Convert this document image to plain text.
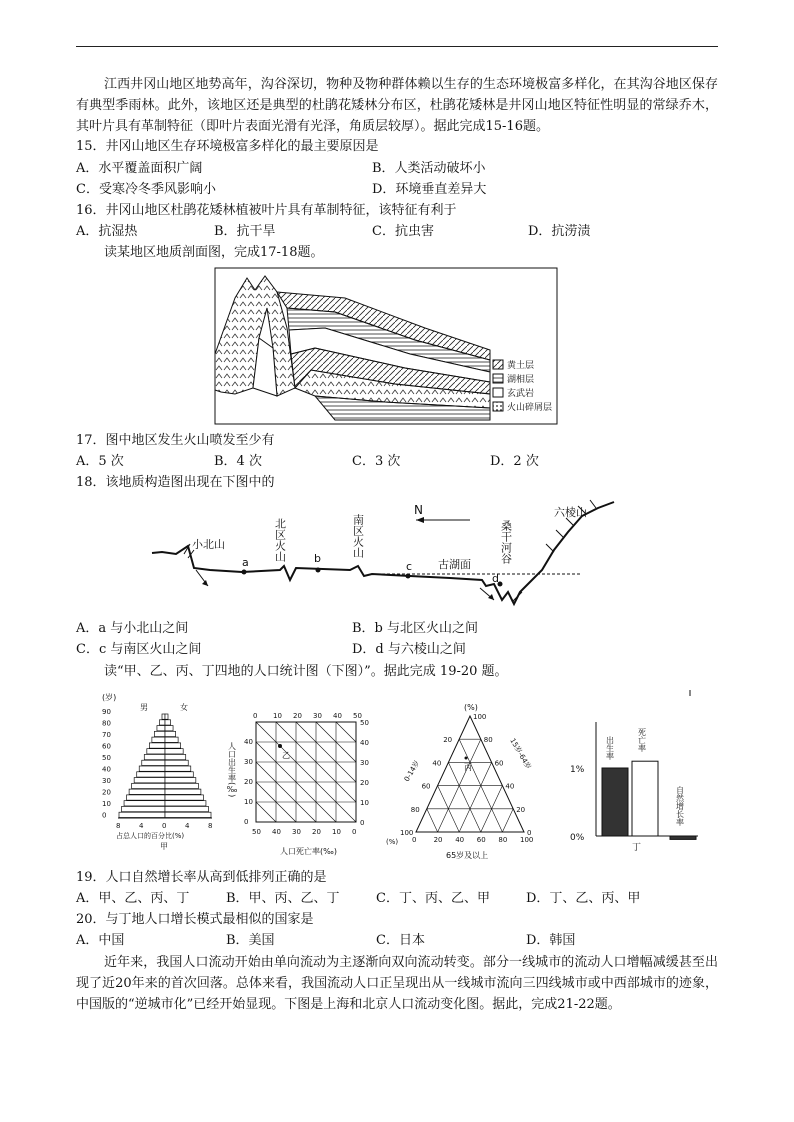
江西井冈山地区地势高年，沟谷深切，物种及物种群体赖以生存的生态环境极富多样化，在其沟谷地区保存有典型季雨林。此外，该地区还是典型的杜鹃花矮林分布区，杜鹃花矮林是井冈山地区特征性明显的常绿乔木，其叶片具有革制特征（即叶片表面光滑有光泽，角质层较厚）。据此完成15-16题。
15．井冈山地区生存环境极富多样化的最主要原因是
A．水平覆盖面积广阔	B．人类活动破坏小
C．受寒冷冬季风影响小	D．环境垂直差异大
16．井冈山地区杜鹃花矮林植被叶片具有革制特征，该特征有利于
A．抗湿热	B．抗干旱	C．抗虫害	D．抗涝渍
读某地区地质剖面图，完成17-18题。
黄土层
湖相层
玄武岩
火山碎屑层
17．图中地区发生火山喷发至少有
A．5 次	B．4 次	C．3 次	D．2 次
18．该地质构造图出现在下图中的
小北山
a	b
c
d
北区火山	南区火山
N
古湖面
桑干河谷
六棱山
A．a 与小北山之间	B．b 与北区火山之间
C．c 与南区火山之间	D．d 与六棱山之间
读“甲、乙、丙、丁四地的人口统计图（下图）”。据此完成 19-20 题。
(岁)
90
80
70
60
50
40
30
20
10
0
男	女
8	4	0	4	8
占总人口的百分比(%)
甲
0 10 20 30 40 50
40
30
20
10
0
50
40
30
20
10
0
50 40 30 20 10 0
人口出生率(‰)
人口死亡率(‰)
乙
(%)
100
80
60
40
20
0
20
40
60
80
100
0 20 40 60 80 100
0-14岁
15岁-64岁
65岁及以上
(%)
丙	1%
0%
出生率	死亡率
自然增长率
丁
19．人口自然增长率从高到低排列正确的是
A．甲、乙、丙、丁	B．甲、丙、乙、丁	C．丁、丙、乙、甲	D．丁、乙、丙、甲
20．与丁地人口增长模式最相似的国家是
A．中国	B．美国	C．日本	D．韩国
近年来，我国人口流动开始由单向流动为主逐渐向双向流动转变。部分一线城市的流动人口增幅减缓甚至出现了近20年来的首次回落。总体来看，我国流动人口正呈现出从一线城市流向三四线城市或中西部城市的迹象，中国版的“逆城市化”已经开始显现。下图是上海和北京人口流动变化图。据此，完成21-22题。
